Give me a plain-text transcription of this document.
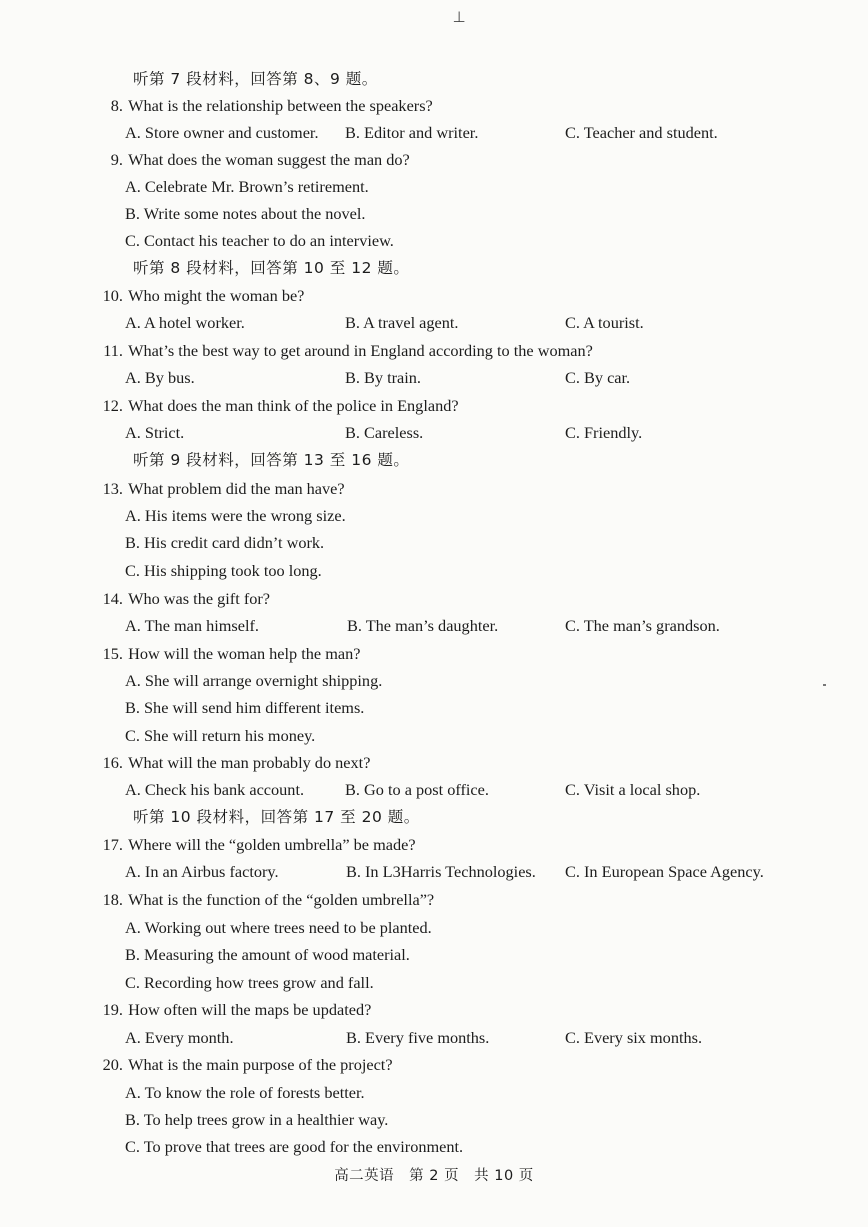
⊥
听第 7 段材料，回答第 8、9 题。
8. What is the relationship between the speakers?
A. Store owner and customer. B. Editor and writer.	C. Teacher and student.
9. What does the woman suggest the man do?
A. Celebrate Mr. Brown’s retirement.
B. Write some notes about the novel.
C. Contact his teacher to do an interview.
听第 8 段材料，回答第 10 至 12 题。
10. Who might the woman be?
A. A hotel worker.	B. A travel agent.	C. A tourist.
11. What’s the best way to get around in England according to the woman?
A. By bus.	B. By train.	C. By car.
12. What does the man think of the police in England?
A. Strict.	B. Careless.	C. Friendly.
听第 9 段材料，回答第 13 至 16 题。
13. What problem did the man have?
A. His items were the wrong size.
B. His credit card didn’t work.
C. His shipping took too long.
14. Who was the gift for?
A. The man himself.	B. The man’s daughter.	C. The man’s grandson.
15. How will the woman help the man?
A. She will arrange overnight shipping.
B. She will send him different items.
C. She will return his money.
16. What will the man probably do next?
A. Check his bank account.	B. Go to a post office.	C. Visit a local shop.
听第 10 段材料，回答第 17 至 20 题。
17. Where will the “golden umbrella” be made?
A. In an Airbus factory.	B. In L3Harris Technologies. C. In European Space Agency.
18. What is the function of the “golden umbrella”?
A. Working out where trees need to be planted.
B. Measuring the amount of wood material.
C. Recording how trees grow and fall.
19. How often will the maps be updated?
A. Every month.	B. Every five months.	C. Every six months.
20. What is the main purpose of the project?
A. To know the role of forests better.
B. To help trees grow in a healthier way.
C. To prove that trees are good for the environment.
高二英语　第 2 页　共 10 页
